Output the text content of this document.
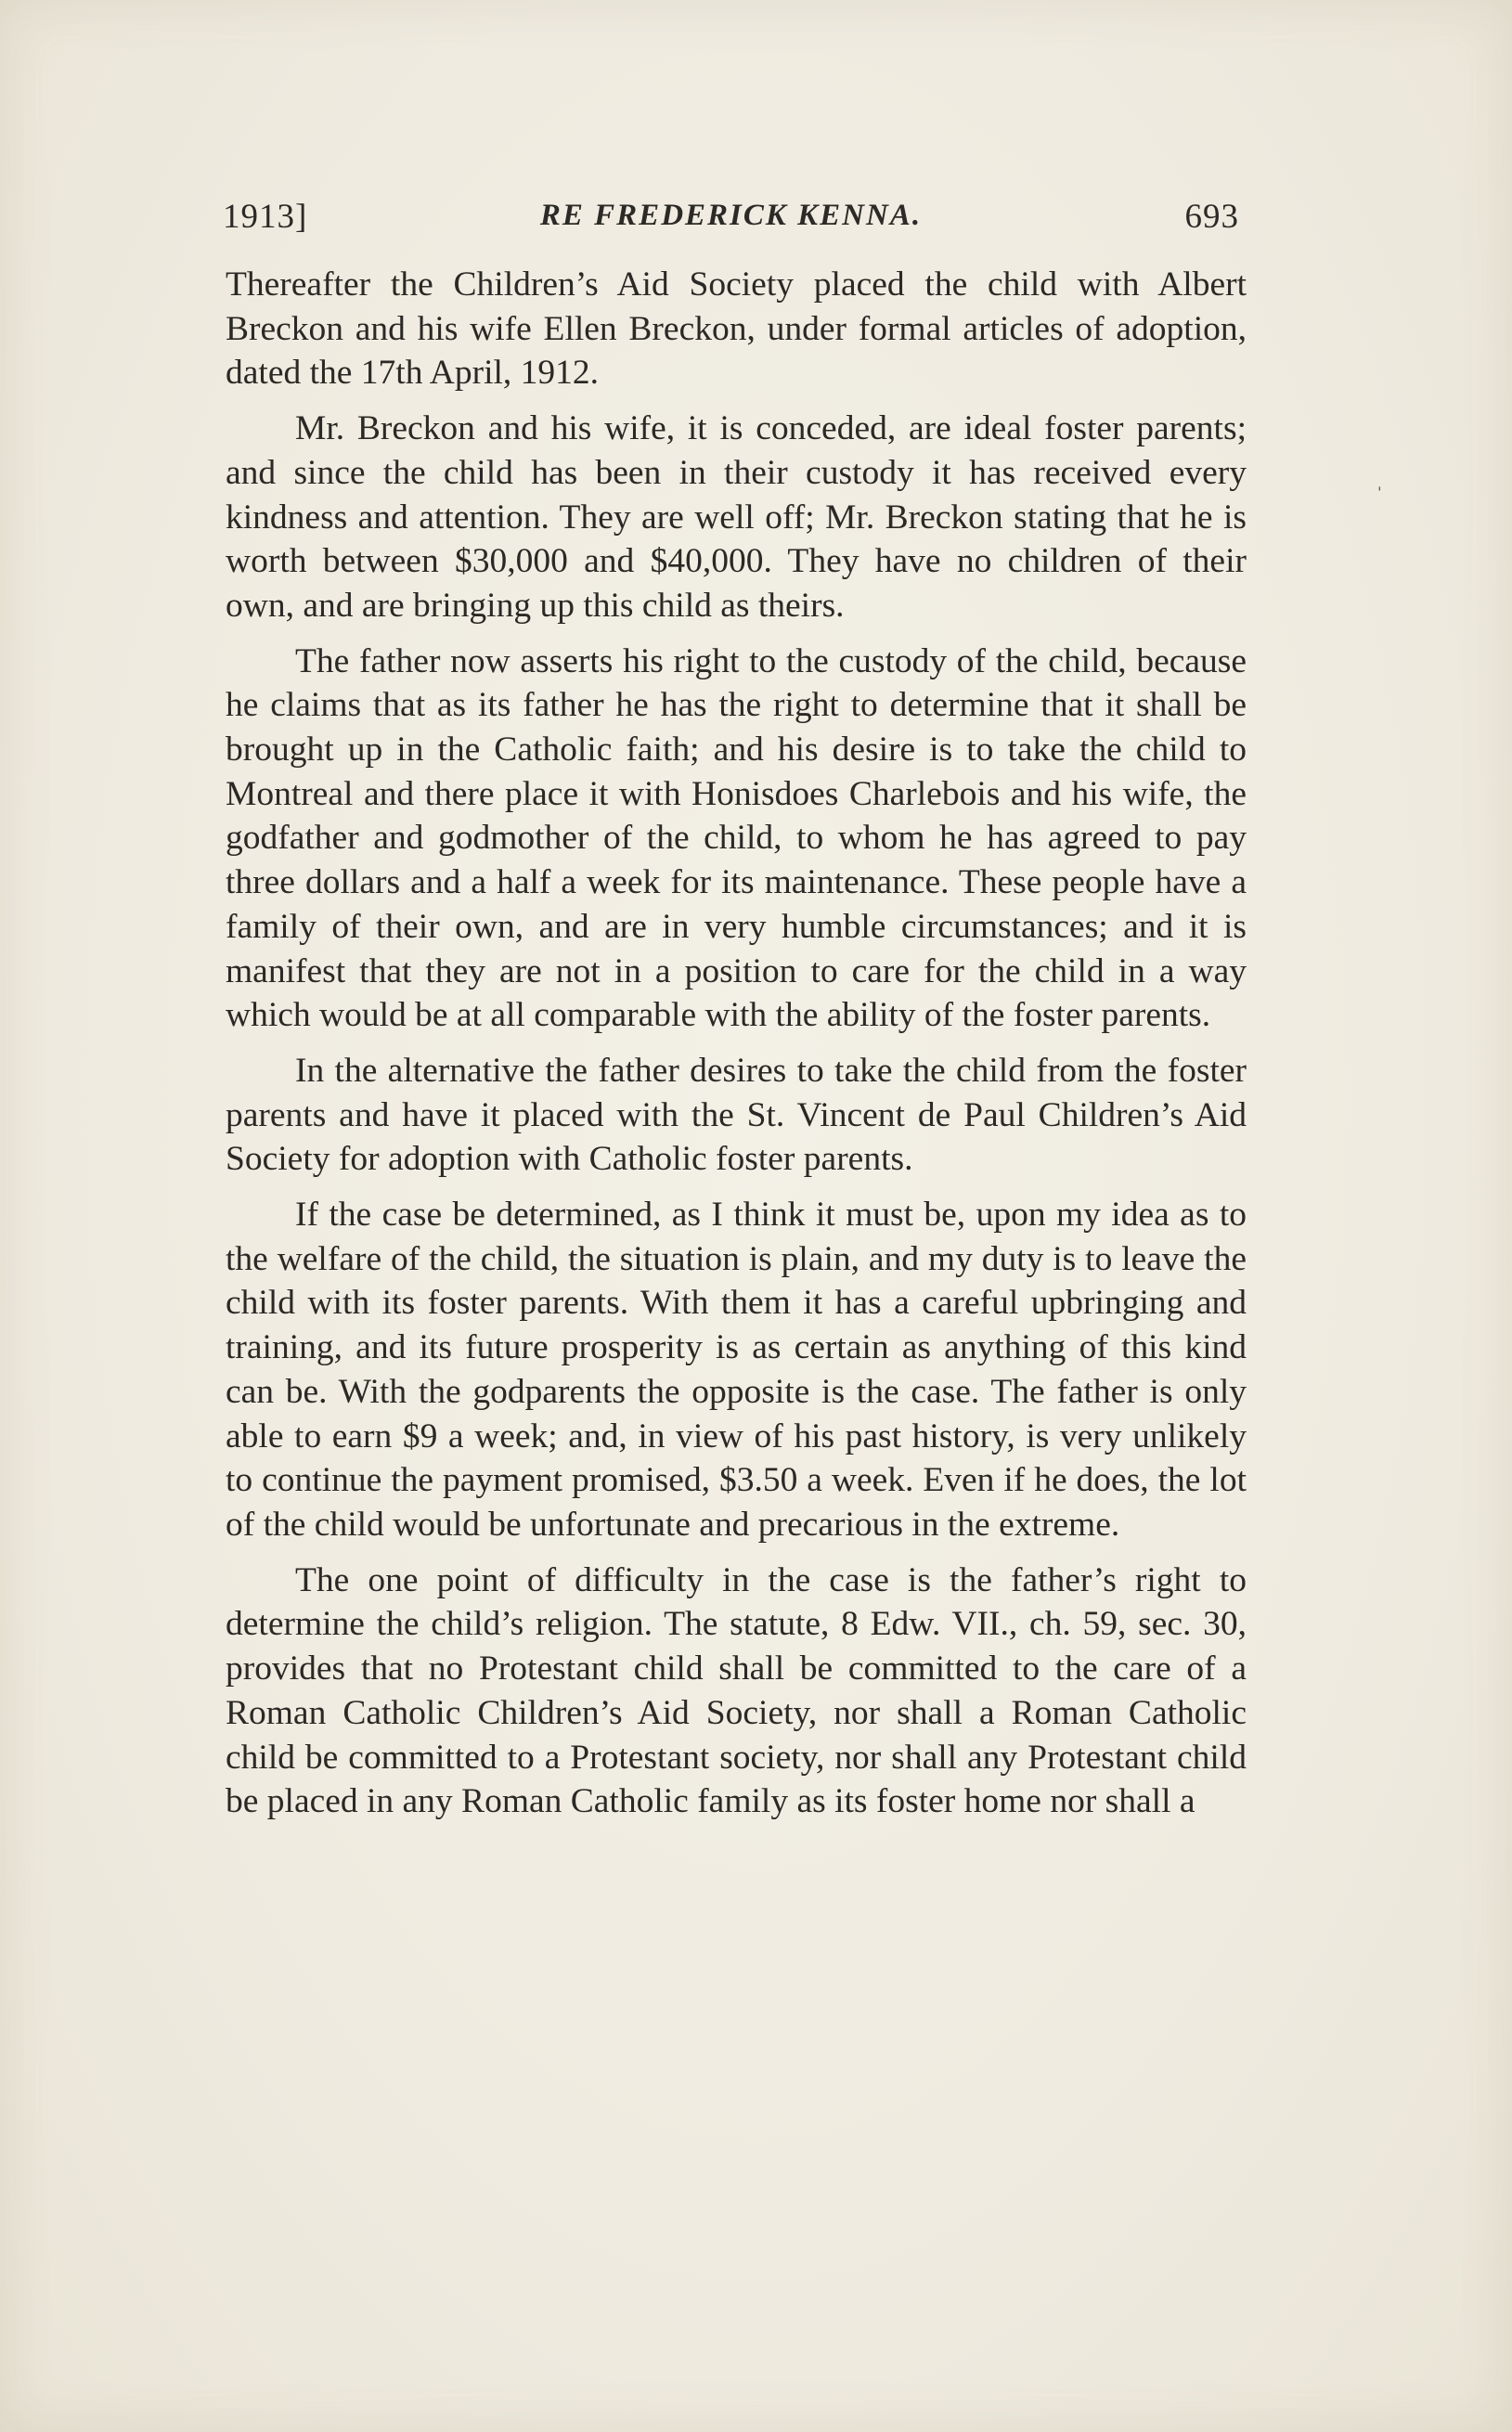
1913]	RE FREDERICK KENNA.	693

Thereafter the Children’s Aid Society placed the child with Albert Breckon and his wife Ellen Breckon, under formal articles of adoption, dated the 17th April, 1912.

Mr. Breckon and his wife, it is conceded, are ideal foster parents; and since the child has been in their custody it has received every kindness and attention. They are well off; Mr. Breckon stating that he is worth between $30,000 and $40,000. They have no children of their own, and are bringing up this child as theirs.

The father now asserts his right to the custody of the child, because he claims that as its father he has the right to determine that it shall be brought up in the Catholic faith; and his desire is to take the child to Montreal and there place it with Honisdoes Charlebois and his wife, the godfather and godmother of the child, to whom he has agreed to pay three dollars and a half a week for its maintenance. These people have a family of their own, and are in very humble circumstances; and it is manifest that they are not in a position to care for the child in a way which would be at all comparable with the ability of the foster parents.

In the alternative the father desires to take the child from the foster parents and have it placed with the St. Vincent de Paul Children’s Aid Society for adoption with Catholic foster parents.

If the case be determined, as I think it must be, upon my idea as to the welfare of the child, the situation is plain, and my duty is to leave the child with its foster parents. With them it has a careful upbringing and training, and its future prosperity is as certain as anything of this kind can be. With the godparents the opposite is the case. The father is only able to earn $9 a week; and, in view of his past history, is very unlikely to continue the payment promised, $3.50 a week. Even if he does, the lot of the child would be unfortunate and precarious in the extreme.

The one point of difficulty in the case is the father’s right to determine the child’s religion. The statute, 8 Edw. VII., ch. 59, sec. 30, provides that no Protestant child shall be committed to the care of a Roman Catholic Children’s Aid Society, nor shall a Roman Catholic child be committed to a Protestant society, nor shall any Protestant child be placed in any Roman Catholic family as its foster home nor shall a

ˌ
